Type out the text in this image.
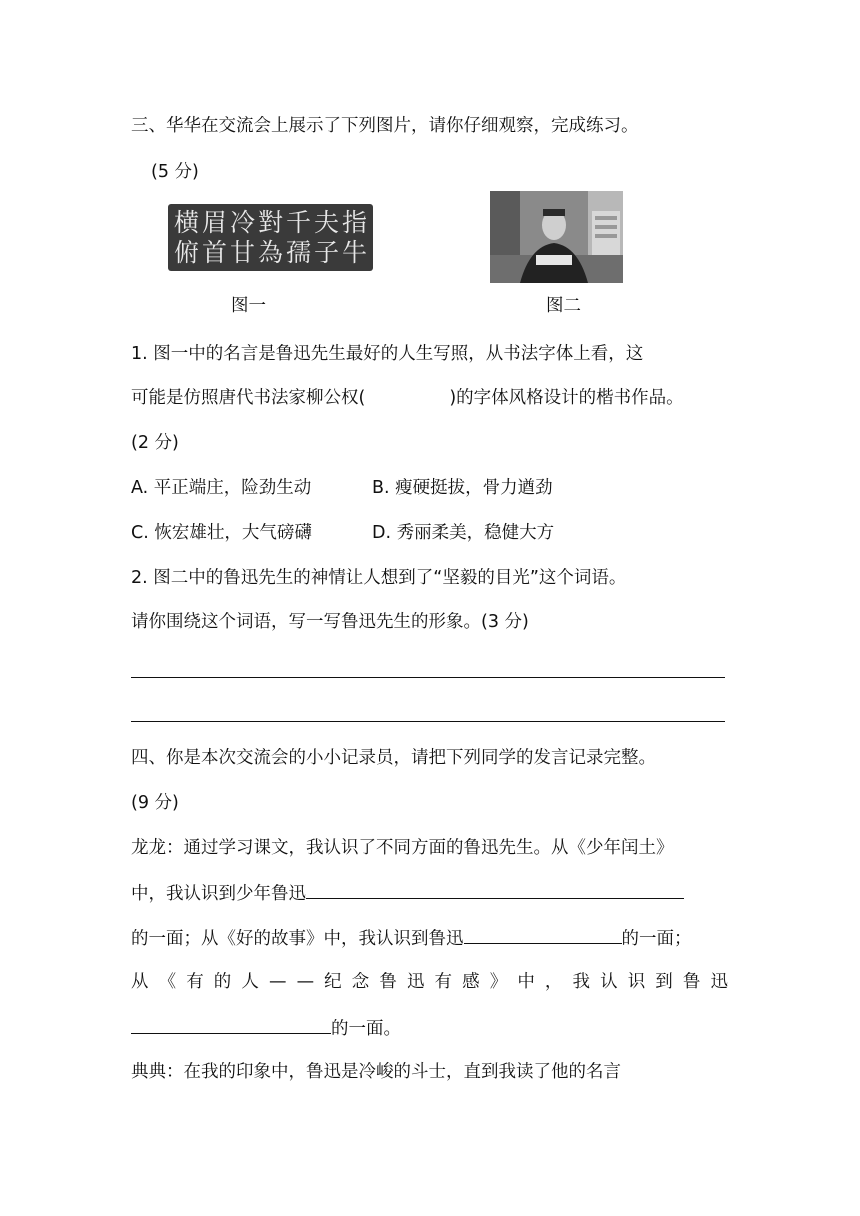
三、华华在交流会上展示了下列图片，请你仔细观察，完成练习。
(5 分)
横眉冷對千夫指
俯首甘為孺子牛
图一	图二
1. 图一中的名言是鲁迅先生最好的人生写照，从书法字体上看，这
可能是仿照唐代书法家柳公权(	)的字体风格设计的楷书作品。
(2 分)
A. 平正端庄，险劲生动	B. 瘦硬挺拔，骨力遒劲
C. 恢宏雄壮，大气磅礴	D. 秀丽柔美，稳健大方
2. 图二中的鲁迅先生的神情让人想到了“坚毅的目光”这个词语。
请你围绕这个词语，写一写鲁迅先生的形象。(3 分)
四、你是本次交流会的小小记录员，请把下列同学的发言记录完整。
(9 分)
龙龙：通过学习课文，我认识了不同方面的鲁迅先生。从《少年闰土》
中，我认识到少年鲁迅
的一面；从《好的故事》中，我认识到鲁迅	的一面；
从 《 有 的 人 — — 纪 念 鲁 迅 有 感 》 中 ， 我 认 识 到 鲁 迅
的一面。
典典：在我的印象中，鲁迅是冷峻的斗士，直到我读了他的名言
